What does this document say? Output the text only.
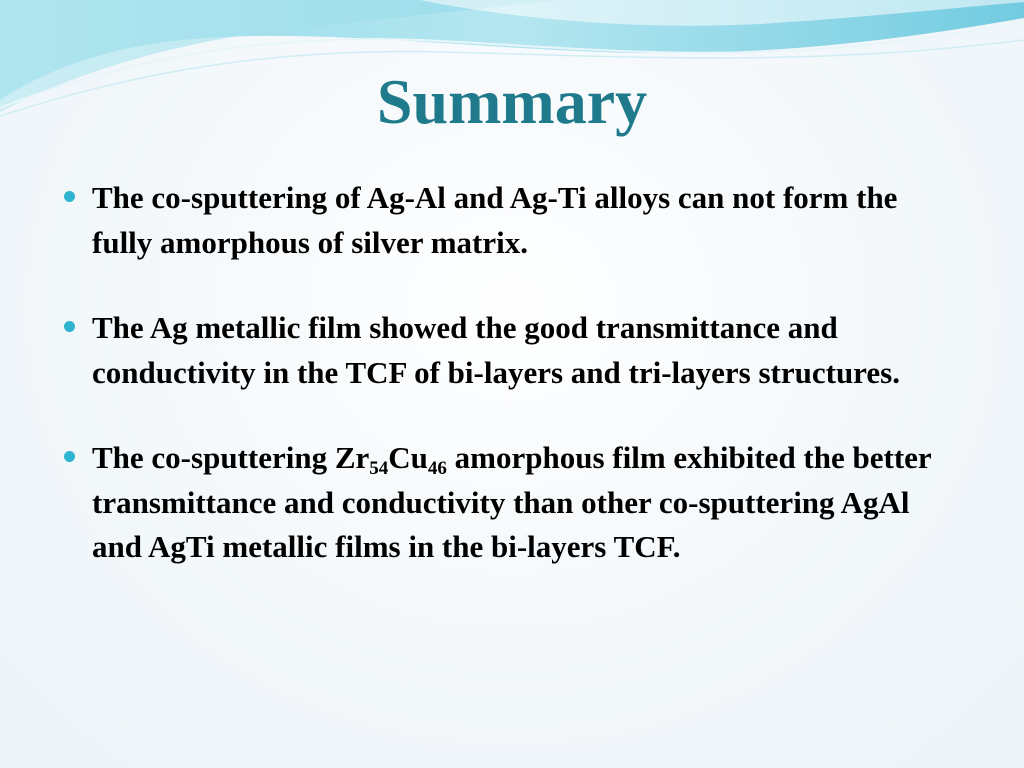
Summary
The co-sputtering of Ag-Al and Ag-Ti alloys can not form the fully amorphous of silver matrix.
The Ag metallic film showed the good transmittance and conductivity in the TCF of bi-layers and tri-layers structures.
The co-sputtering $Zr_{54}Cu_{46}$ amorphous film exhibited the better transmittance and conductivity than other co-sputtering AgAl and AgTi metallic films in the bi-layers TCF.
